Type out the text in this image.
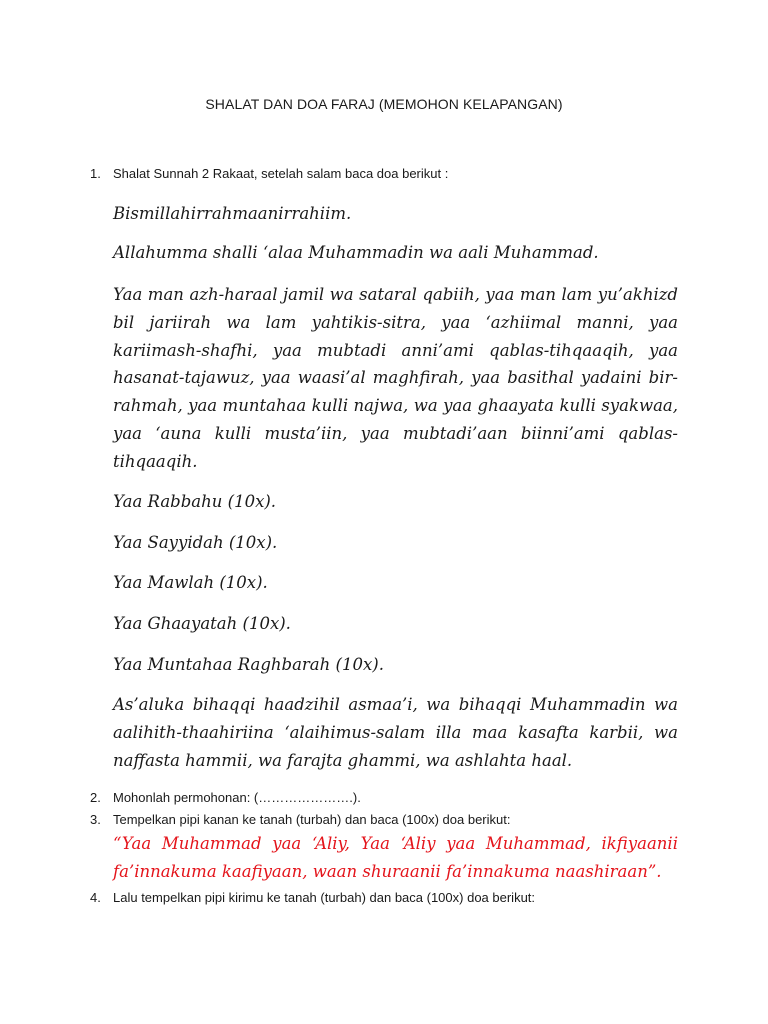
SHALAT DAN DOA FARAJ (MEMOHON KELAPANGAN)
1. Shalat Sunnah 2 Rakaat, setelah salam baca doa berikut :
Bismillahirrahmaanirrahiim.
Allahumma shalli ‘alaa Muhammadin wa aali Muhammad.
Yaa man azh-haraal jamil wa sataral qabiih, yaa man lam yu’akhizd bil jariirah wa lam yahtikis-sitra, yaa ‘azhiimal manni, yaa kariimash-shafhi, yaa mubtadi anni’ami qablas-tihqaaqih, yaa hasanat-tajawuz, yaa waasi’al maghfirah, yaa basithal yadaini bir-rahmah, yaa muntahaa kulli najwa, wa yaa ghaayata kulli syakwaa, yaa ‘auna kulli musta’iin, yaa mubtadi’aan biinni’ami qablas-tihqaaqih.
Yaa Rabbahu (10x).
Yaa Sayyidah (10x).
Yaa Mawlah (10x).
Yaa Ghaayatah (10x).
Yaa Muntahaa Raghbarah (10x).
As’aluka bihaqqi haadzihil asmaa’i, wa bihaqqi Muhammadin wa aalihith-thaahiriina ‘alaihimus-salam illa maa kasafta karbii, wa naffasta hammii, wa farajta ghammi, wa ashlahta haal.
2. Mohonlah permohonan: (………………….).
3. Tempelkan pipi kanan ke tanah (turbah) dan baca (100x) doa berikut:
“Yaa Muhammad yaa ‘Aliy, Yaa ‘Aliy yaa Muhammad, ikfiyaanii fa’innakuma kaafiyaan, waan shuraanii fa’innakuma naashiraan”.
4. Lalu tempelkan pipi kirimu ke tanah (turbah) dan baca (100x) doa berikut:
